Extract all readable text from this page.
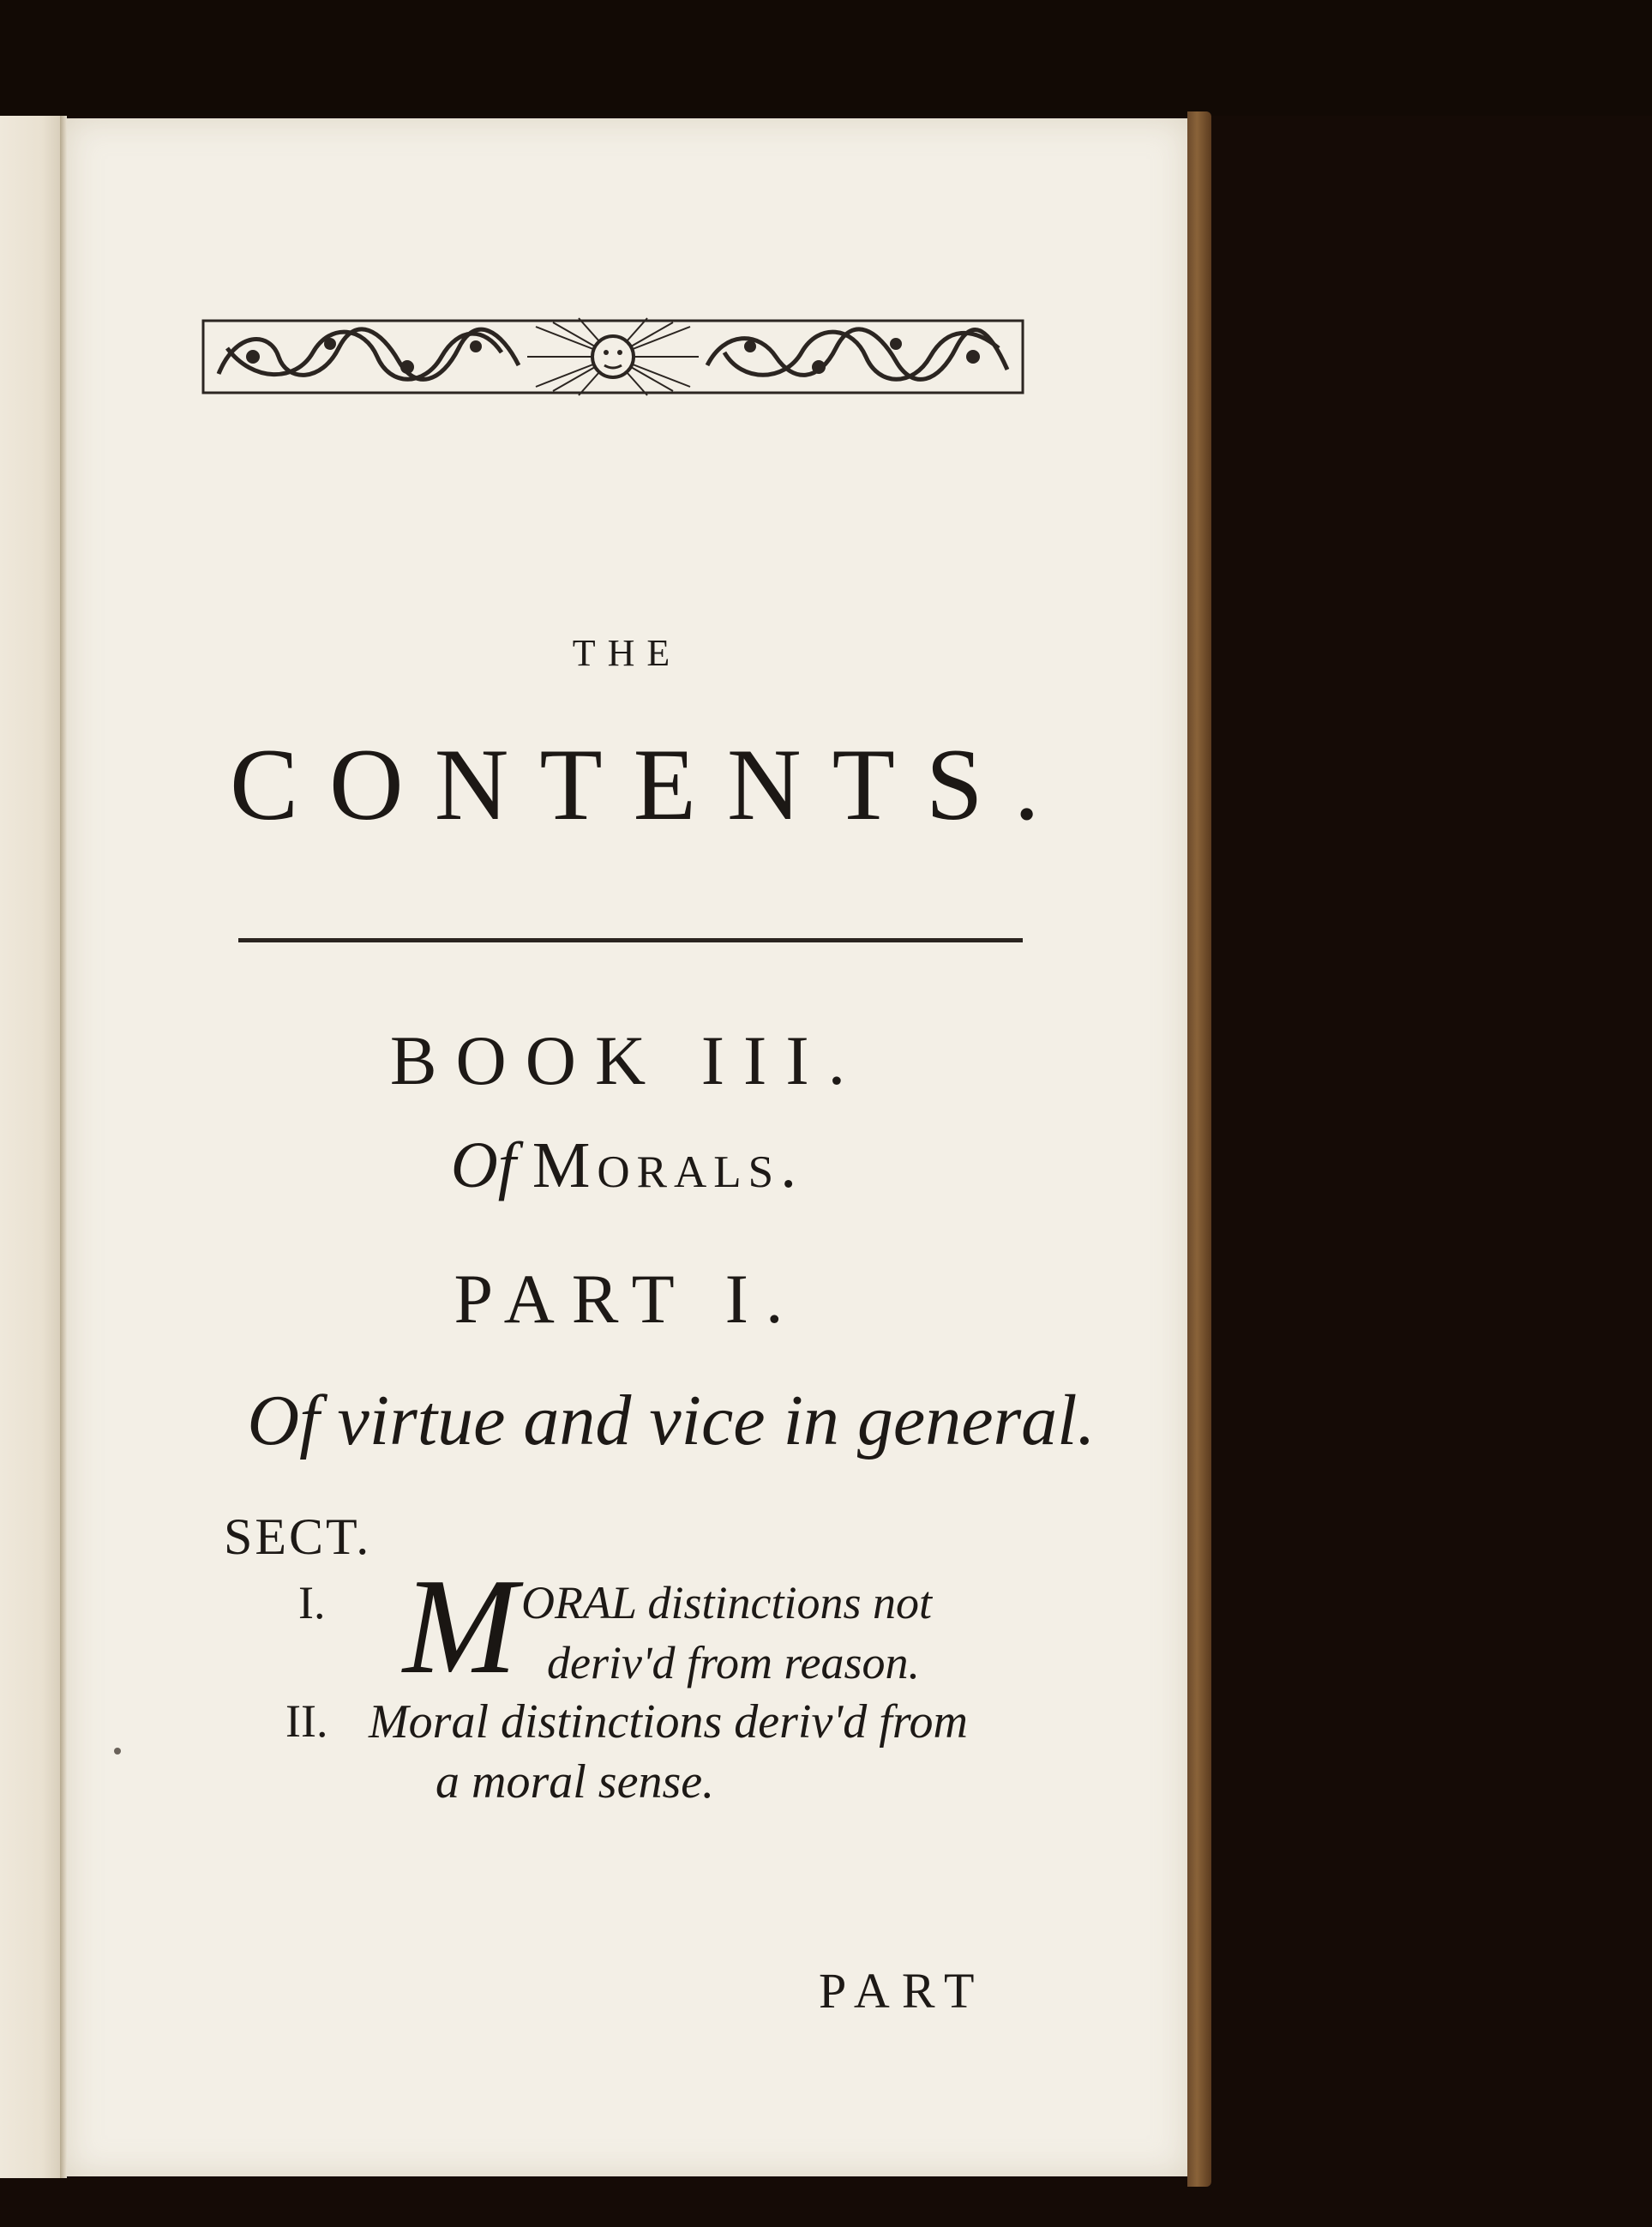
THE
CONTENTS.
BOOK III.
Of Morals.
PART I.
Of virtue and vice in general.
SECT.
I. M ORAL distinctions not
deriv'd from reason.
II. Moral distinctions deriv'd from
a moral sense.
PART
